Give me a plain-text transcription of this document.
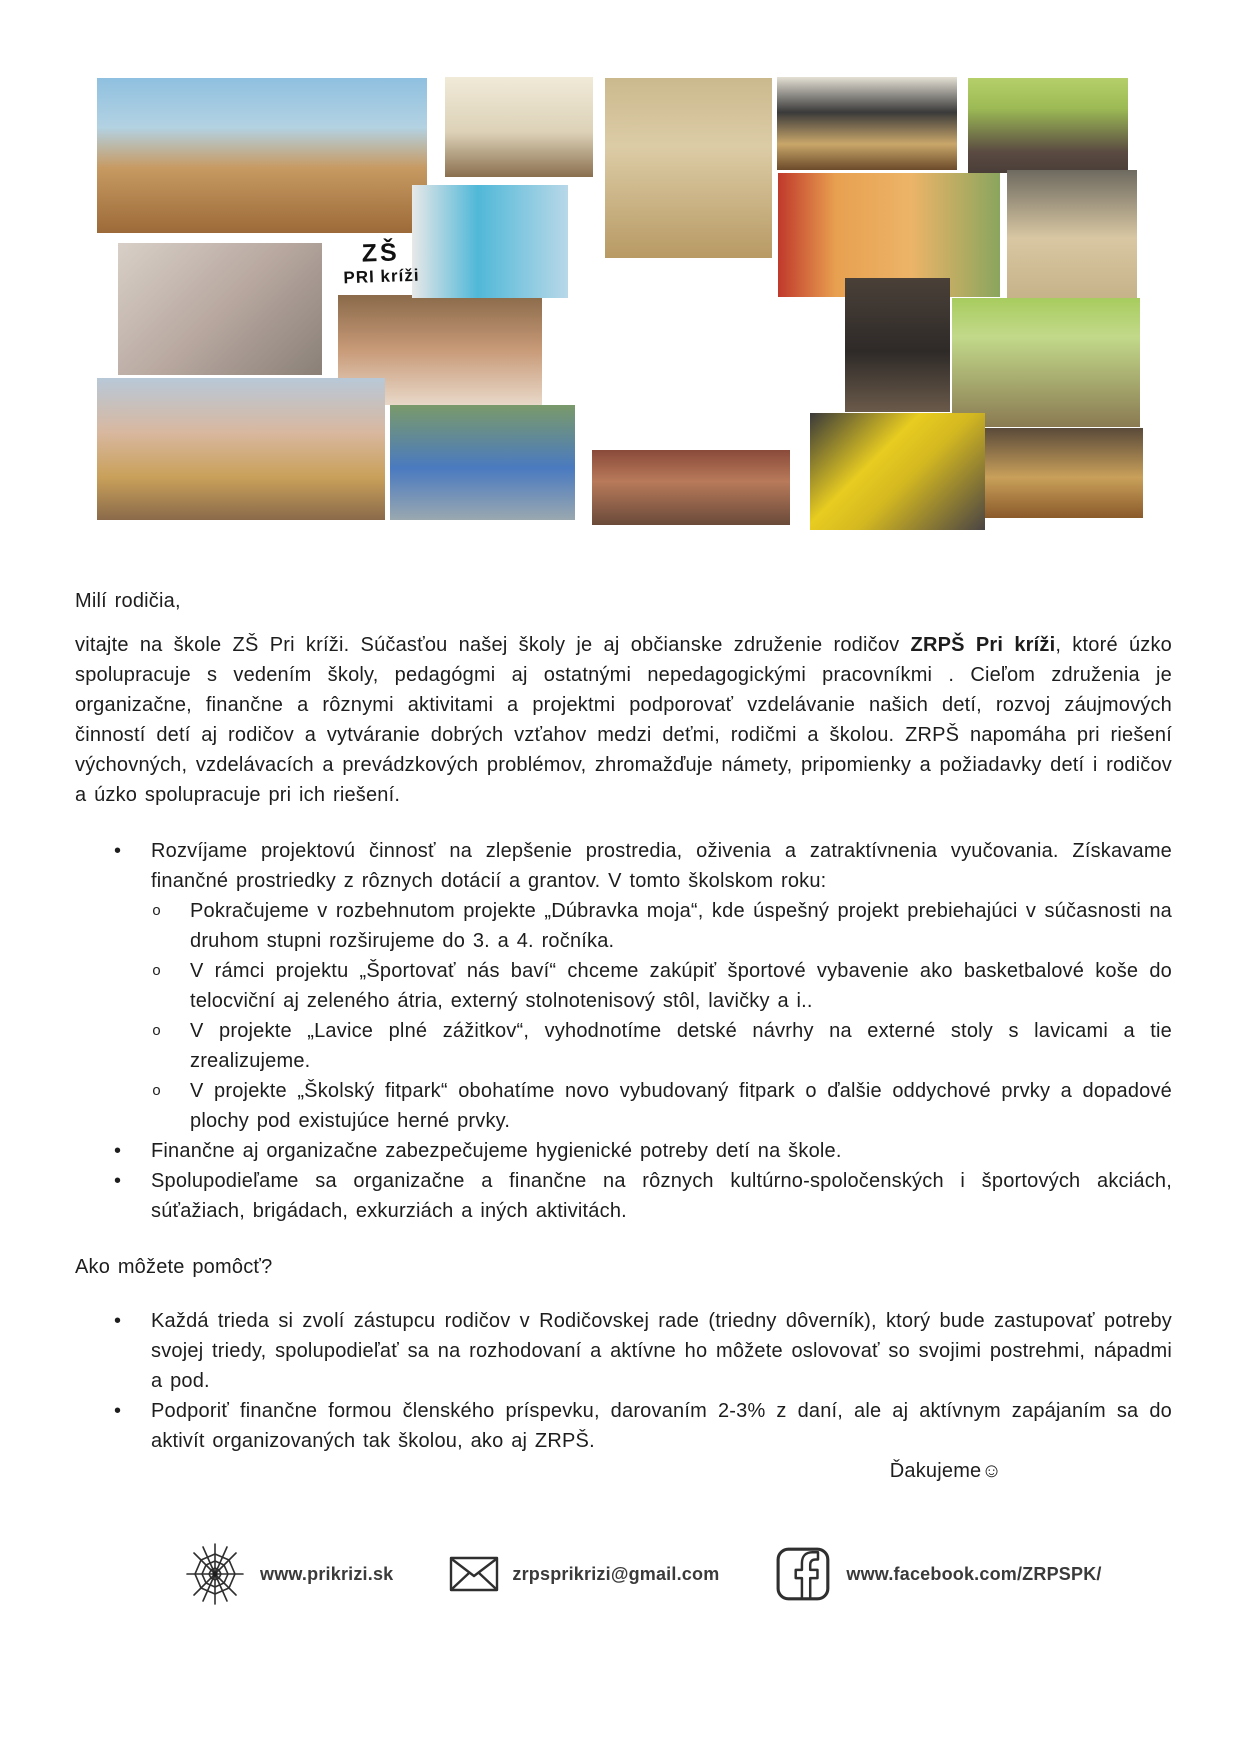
ZŠ
PRI kríži

Milí rodičia,

vitajte na škole ZŠ Pri kríži. Súčasťou našej školy je aj občianske združenie rodičov ZRPŠ Pri kríži, ktoré úzko spolupracuje s vedením školy, pedagógmi aj ostatnými nepedagogickými pracovníkmi . Cieľom združenia je organizačne, finančne a rôznymi aktivitami a projektmi podporovať vzdelávanie našich detí, rozvoj záujmových činností detí aj rodičov a vytváranie dobrých vzťahov medzi deťmi, rodičmi a školou. ZRPŠ napomáha pri riešení výchovných, vzdelávacích a prevádzkových problémov, zhromažďuje námety, pripomienky a požiadavky detí i rodičov a úzko spolupracuje pri ich riešení.

• Rozvíjame projektovú činnosť na zlepšenie prostredia, oživenia a zatraktívnenia vyučovania. Získavame finančné prostriedky z rôznych dotácií a grantov. V tomto školskom roku:
o Pokračujeme v rozbehnutom projekte „Dúbravka moja“, kde úspešný projekt prebiehajúci v súčasnosti na druhom stupni rozširujeme do 3. a 4. ročníka.
o V rámci projektu „Športovať nás baví“ chceme zakúpiť športové vybavenie ako basketbalové koše do telocviční aj zeleného átria, externý stolnotenisový stôl, lavičky a i..
o V projekte „Lavice plné zážitkov“, vyhodnotíme detské návrhy na externé stoly s lavicami a tie zrealizujeme.
o V projekte „Školský fitpark“ obohatíme novo vybudovaný fitpark o ďalšie oddychové prvky a dopadové plochy pod existujúce herné prvky.
• Finančne aj organizačne zabezpečujeme hygienické potreby detí na škole.
• Spolupodieľame sa organizačne a finančne na rôznych kultúrno-spoločenských i športových akciách, súťažiach, brigádach, exkurziách a iných aktivitách.

Ako môžete pomôcť?

• Každá trieda si zvolí zástupcu rodičov v Rodičovskej rade (triedny dôverník), ktorý bude zastupovať potreby svojej triedy, spolupodieľať sa na rozhodovaní a aktívne ho môžete oslovovať so svojimi postrehmi, nápadmi a pod.
• Podporiť finančne formou členského príspevku, darovaním 2-3% z daní, ale aj aktívnym zapájaním sa do aktivít organizovaných tak školou, ako aj ZRPŠ.

Ďakujeme☺

www.prikrizi.sk	zrpsprikrizi@gmail.com	www.facebook.com/ZRPSPK/
